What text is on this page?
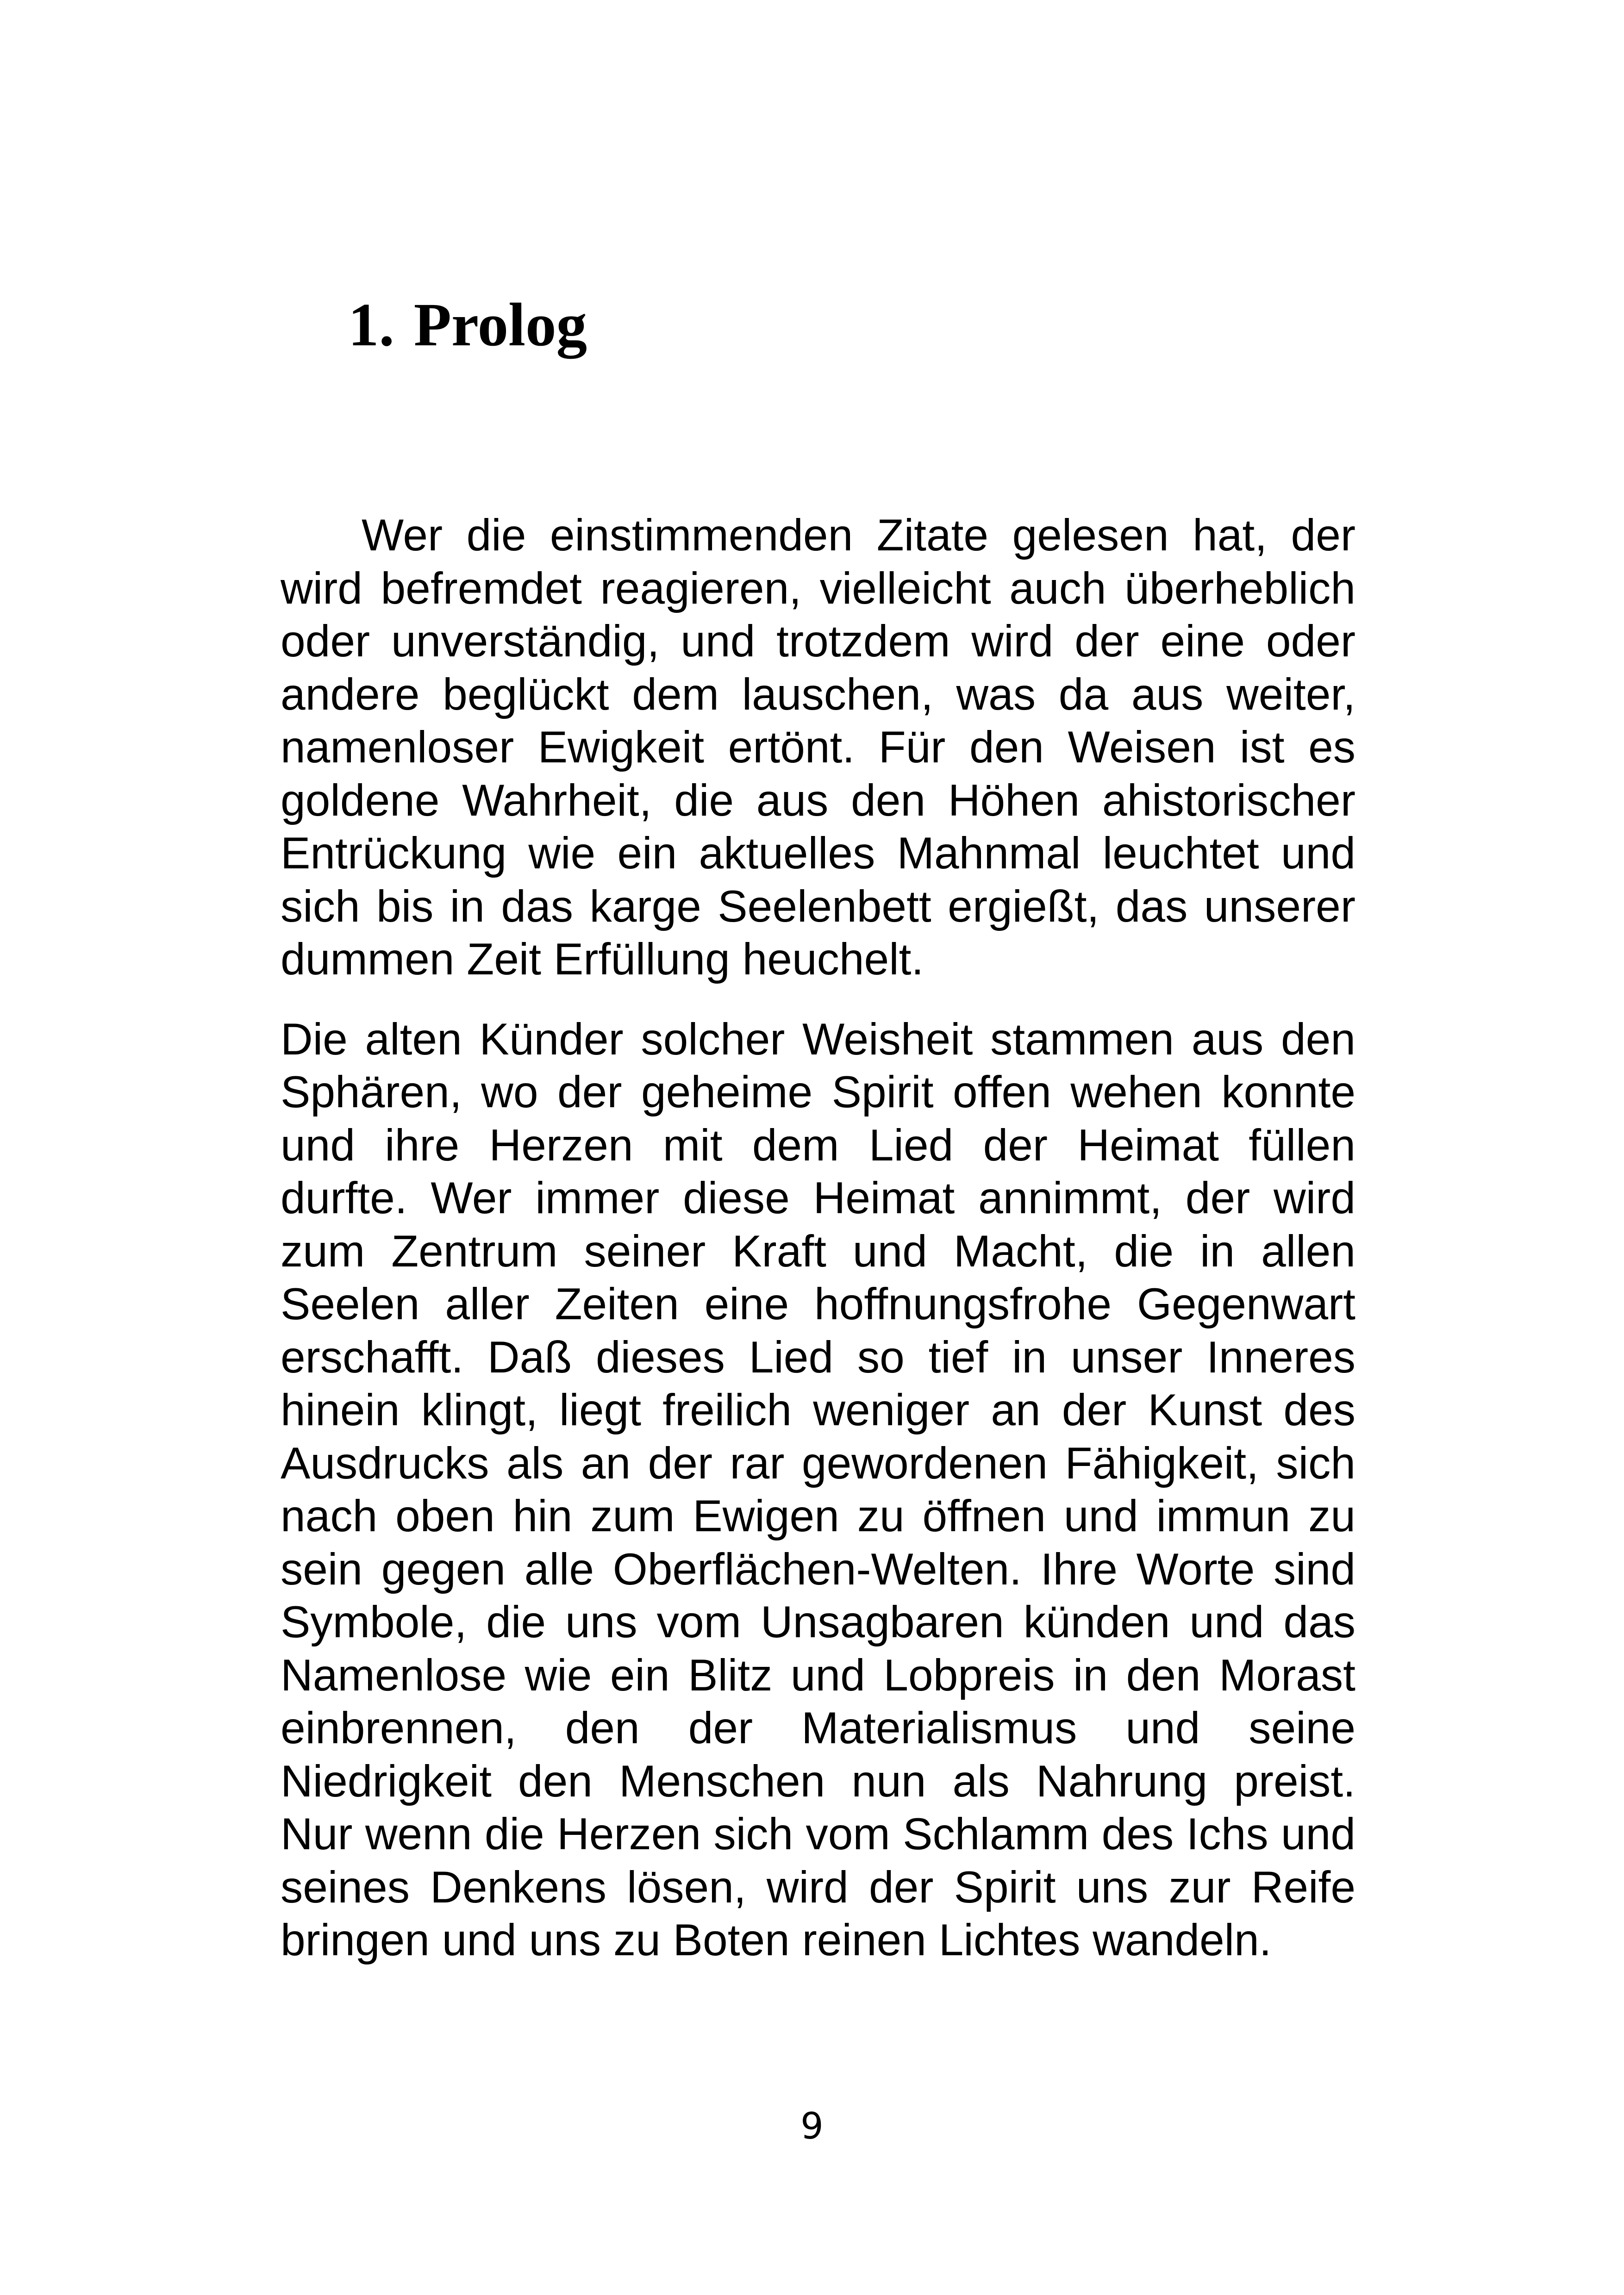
1. Prolog

Wer die einstimmenden Zitate gelesen hat, der wird befremdet reagieren, vielleicht auch überheblich oder unverständig, und trotzdem wird der eine oder andere beglückt dem lauschen, was da aus weiter, namenloser Ewigkeit ertönt. Für den Weisen ist es goldene Wahrheit, die aus den Höhen ahistorischer Entrückung wie ein aktuelles Mahnmal leuchtet und sich bis in das karge Seelenbett ergießt, das unserer dummen Zeit Erfüllung heuchelt.

Die alten Künder solcher Weisheit stammen aus den Sphären, wo der geheime Spirit offen wehen konnte und ihre Herzen mit dem Lied der Heimat füllen durfte. Wer immer diese Heimat annimmt, der wird zum Zentrum seiner Kraft und Macht, die in allen Seelen aller Zeiten eine hoffnungsfrohe Gegenwart erschafft. Daß dieses Lied so tief in unser Inneres hinein klingt, liegt freilich weniger an der Kunst des Ausdrucks als an der rar gewordenen Fähigkeit, sich nach oben hin zum Ewigen zu öffnen und immun zu sein gegen alle Oberflächen-Welten. Ihre Worte sind Symbole, die uns vom Unsagbaren künden und das Namenlose wie ein Blitz und Lobpreis in den Morast einbrennen, den der Materialismus und seine Niedrigkeit den Menschen nun als Nahrung preist. Nur wenn die Herzen sich vom Schlamm des Ichs und seines Denkens lösen, wird der Spirit uns zur Reife bringen und uns zu Boten reinen Lichtes wandeln.

9
